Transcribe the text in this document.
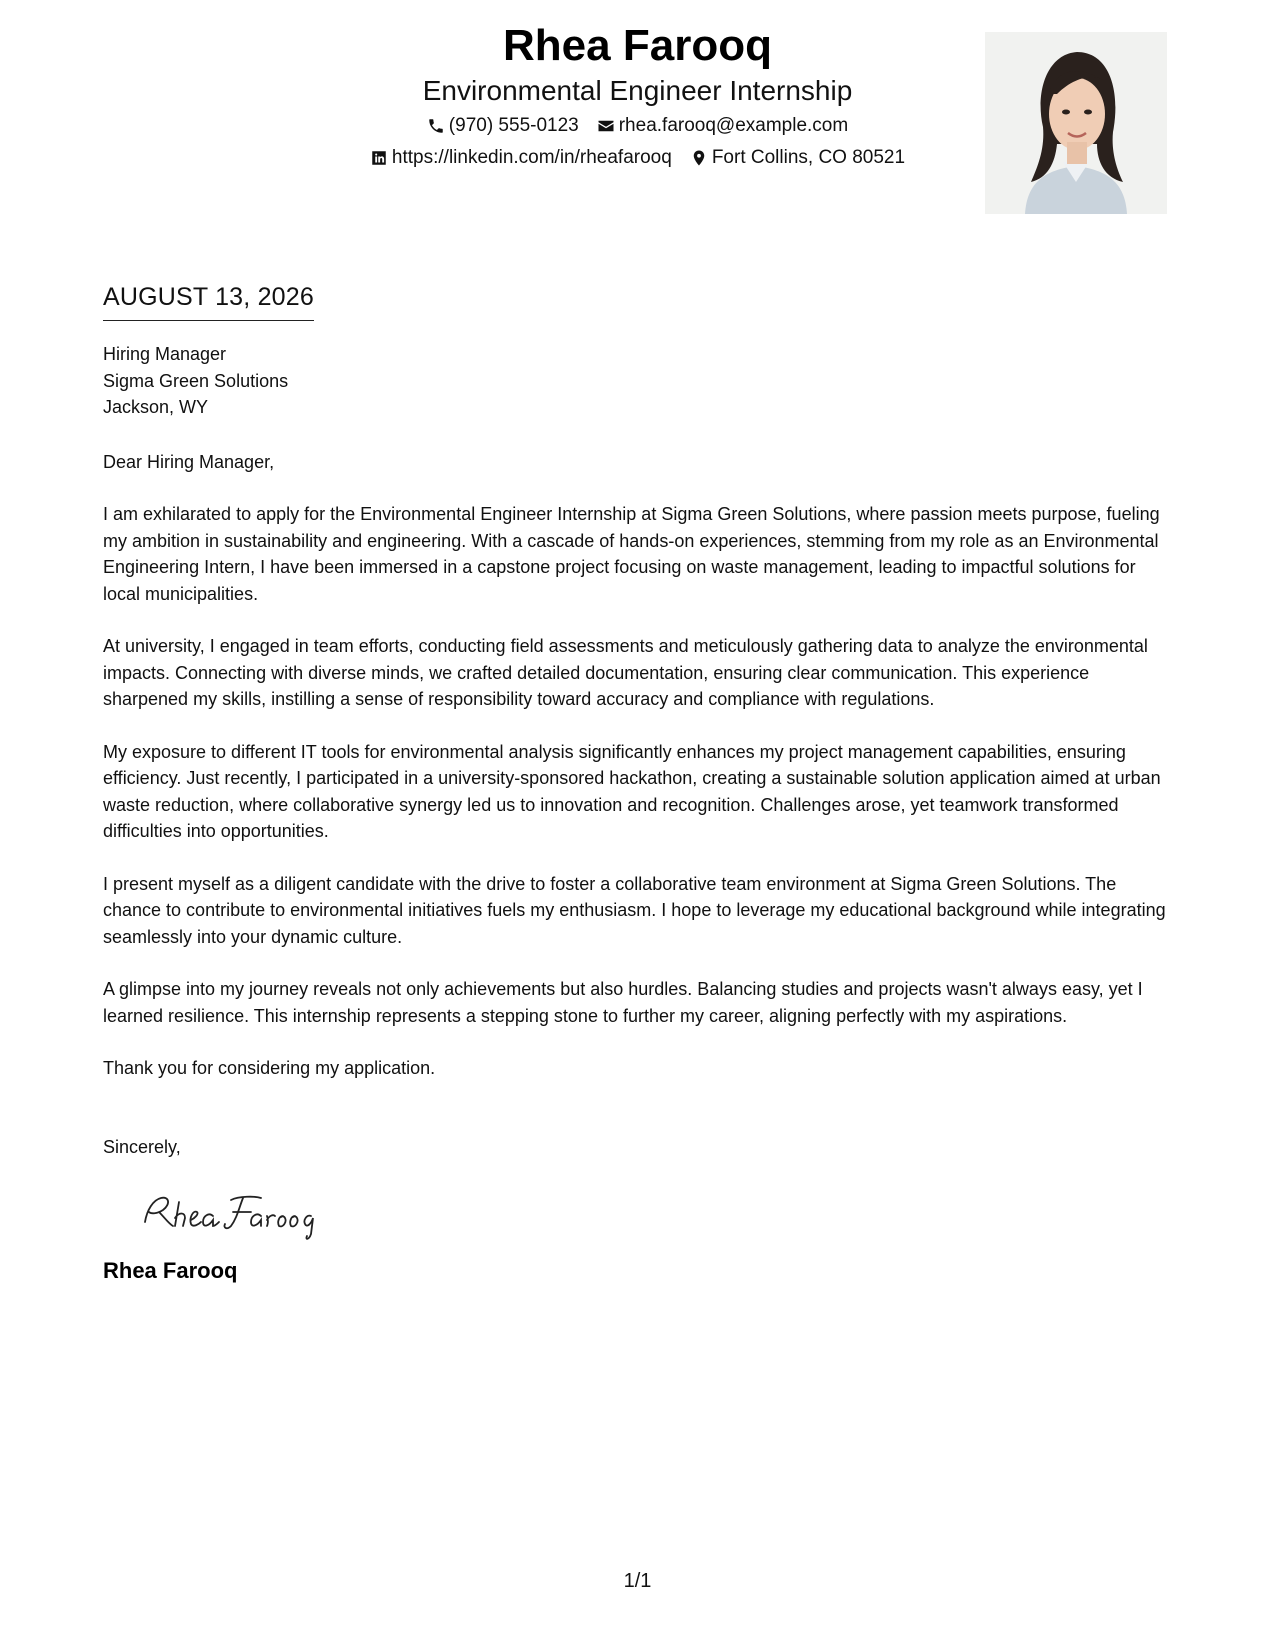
Rhea Farooq
Environmental Engineer Internship
(970) 555-0123 rhea.farooq@example.com
https://linkedin.com/in/rheafarooq Fort Collins, CO 80521
AUGUST 13, 2026
Hiring Manager
Sigma Green Solutions
Jackson, WY
Dear Hiring Manager,
I am exhilarated to apply for the Environmental Engineer Internship at Sigma Green Solutions, where passion meets purpose, fueling my ambition in sustainability and engineering. With a cascade of hands-on experiences, stemming from my role as an Environmental Engineering Intern, I have been immersed in a capstone project focusing on waste management, leading to impactful solutions for local municipalities.
At university, I engaged in team efforts, conducting field assessments and meticulously gathering data to analyze the environmental impacts. Connecting with diverse minds, we crafted detailed documentation, ensuring clear communication. This experience sharpened my skills, instilling a sense of responsibility toward accuracy and compliance with regulations.
My exposure to different IT tools for environmental analysis significantly enhances my project management capabilities, ensuring efficiency. Just recently, I participated in a university-sponsored hackathon, creating a sustainable solution application aimed at urban waste reduction, where collaborative synergy led us to innovation and recognition. Challenges arose, yet teamwork transformed difficulties into opportunities.
I present myself as a diligent candidate with the drive to foster a collaborative team environment at Sigma Green Solutions. The chance to contribute to environmental initiatives fuels my enthusiasm. I hope to leverage my educational background while integrating seamlessly into your dynamic culture.
A glimpse into my journey reveals not only achievements but also hurdles. Balancing studies and projects wasn't always easy, yet I learned resilience. This internship represents a stepping stone to further my career, aligning perfectly with my aspirations.
Thank you for considering my application.
Sincerely,
Rhea Farooq
1/1
